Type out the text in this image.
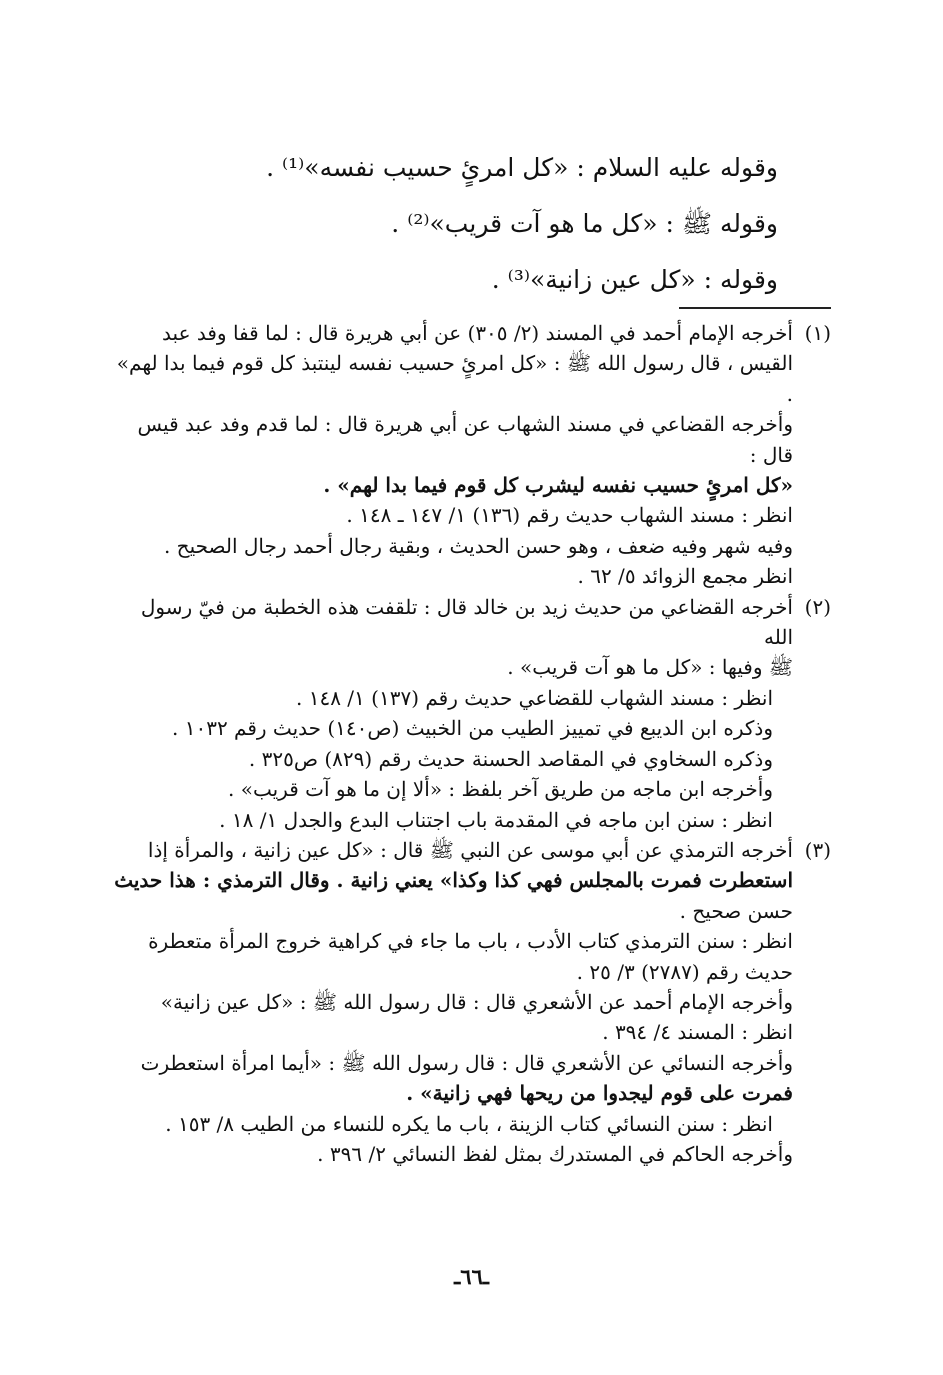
وقوله عليه السلام : «كل امرئٍ حسيب نفسه»⁽¹⁾ .

وقوله ﷺ : «كل ما هو آت قريب»⁽²⁾ .

وقوله : «كل عين زانية»⁽³⁾ .

(١)

أخرجه الإمام أحمد في المسند (٢/ ٣٠٥) عن أبي هريرة قال : لما قفا وفد عبد

القيس ، قال رسول الله ﷺ : «كل امرئٍ حسيب نفسه لينتبذ كل قوم فيما بدا لهم» .

وأخرجه القضاعي في مسند الشهاب عن أبي هريرة قال : لما قدم وفد عبد قيس قال :

«كل امرئٍ حسيب نفسه ليشرب كل قوم فيما بدا لهم» .

انظر : مسند الشهاب حديث رقم (١٣٦) ١/ ١٤٧ ـ ١٤٨ .

وفيه شهر وفيه ضعف ، وهو حسن الحديث ، وبقية رجال أحمد رجال الصحيح .

انظر مجمع الزوائد ٥/ ٦٢ .

(٢)

أخرجه القضاعي من حديث زيد بن خالد قال : تلقفت هذه الخطبة من فيّ رسول الله

ﷺ وفيها : «كل ما هو آت قريب» .

انظر : مسند الشهاب للقضاعي حديث رقم (١٣٧) ١/ ١٤٨ .

وذكره ابن الديبع في تمييز الطيب من الخبيث (ص١٤٠) حديث رقم ١٠٣٢ .

وذكره السخاوي في المقاصد الحسنة حديث رقم (٨٢٩) ص٣٢٥ .

وأخرجه ابن ماجه من طريق آخر بلفظ : «ألا إن ما هو آت قريب» .

انظر : سنن ابن ماجه في المقدمة باب اجتناب البدع والجدل ١/ ١٨ .

(٣)

أخرجه الترمذي عن أبي موسى عن النبي ﷺ قال : «كل عين زانية ، والمرأة إذا

استعطرت فمرت بالمجلس فهي كذا وكذا» يعني زانية . وقال الترمذي : هذا حديث

حسن صحيح .

انظر : سنن الترمذي كتاب الأدب ، باب ما جاء في كراهية خروج المرأة متعطرة

حديث رقم (٢٧٨٧) ٣/ ٢٥ .

وأخرجه الإمام أحمد عن الأشعري قال : قال رسول الله ﷺ : «كل عين زانية»

انظر : المسند ٤/ ٣٩٤ .

وأخرجه النسائي عن الأشعري قال : قال رسول الله ﷺ : «أيما امرأة استعطرت

فمرت على قوم ليجدوا من ريحها فهي زانية» .

انظر : سنن النسائي كتاب الزينة ، باب ما يكره للنساء من الطيب ٨/ ١٥٣ .

وأخرجه الحاكم في المستدرك بمثل لفظ النسائي ٢/ ٣٩٦ .

ـ٦٦ـ
